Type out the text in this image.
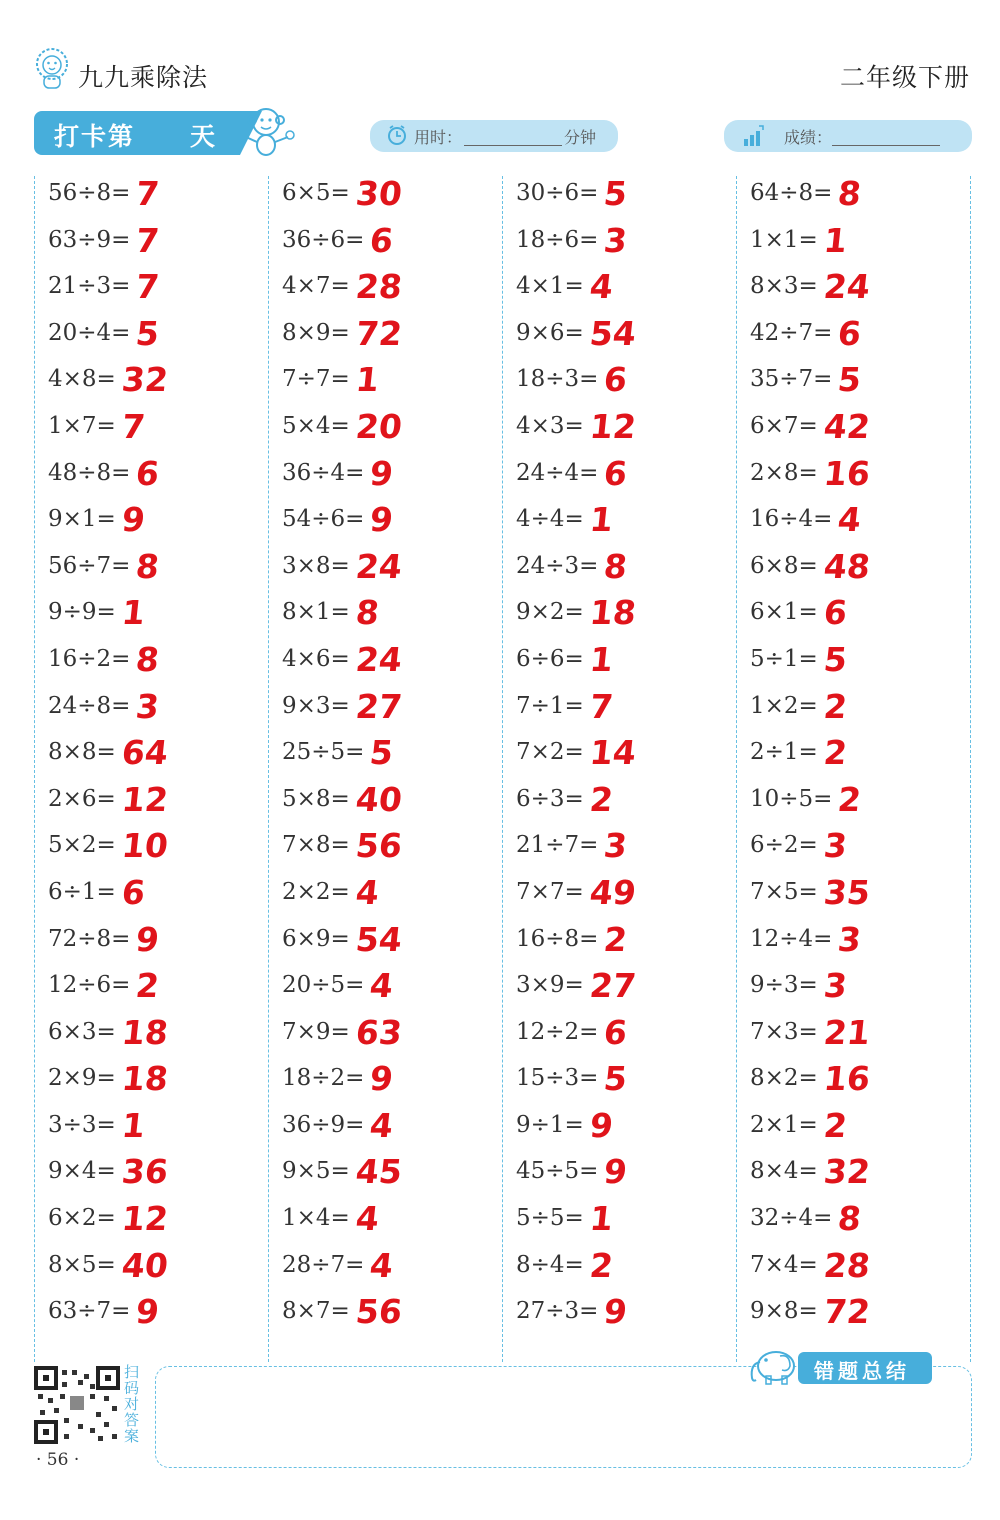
九九乘除法	二年级下册
打卡第 天	用时：	分钟	成绩：
56÷8= 7
63÷9= 7
21÷3= 7
20÷4= 5
4×8= 32
1×7= 7
48÷8= 6
9×1= 9
56÷7= 8
9÷9= 1
16÷2= 8
24÷8= 3
8×8= 64
2×6= 12
5×2= 10
6÷1= 6
72÷8= 9
12÷6= 2
6×3= 18
2×9= 18
3÷3= 1
9×4= 36
6×2= 12
8×5= 40
63÷7= 9
6×5= 30
36÷6= 6
4×7= 28
8×9= 72
7÷7= 1
5×4= 20
36÷4= 9
54÷6= 9
3×8= 24
8×1= 8
4×6= 24
9×3= 27
25÷5= 5
5×8= 40
7×8= 56
2×2= 4
6×9= 54
20÷5= 4
7×9= 63
18÷2= 9
36÷9= 4
9×5= 45
1×4= 4
28÷7= 4
8×7= 56
30÷6= 5
18÷6= 3
4×1= 4
9×6= 54
18÷3= 6
4×3= 12
24÷4= 6
4÷4= 1
24÷3= 8
9×2= 18
6÷6= 1
7÷1= 7
7×2= 14
6÷3= 2
21÷7= 3
7×7= 49
16÷8= 2
3×9= 27
12÷2= 6
15÷3= 5
9÷1= 9
45÷5= 9
5÷5= 1
8÷4= 2
27÷3= 9
64÷8= 8
1×1= 1
8×3= 24
42÷7= 6
35÷7= 5
6×7= 42
2×8= 16
16÷4= 4
6×8= 48
6×1= 6
5÷1= 5
1×2= 2
2÷1= 2
10÷5= 2
6÷2= 3
7×5= 35
12÷4= 3
9÷3= 3
7×3= 21
8×2= 16
2×1= 2
8×4= 32
32÷4= 8
7×4= 28
9×8= 72
扫码对答案
· 56 ·
错题总结
